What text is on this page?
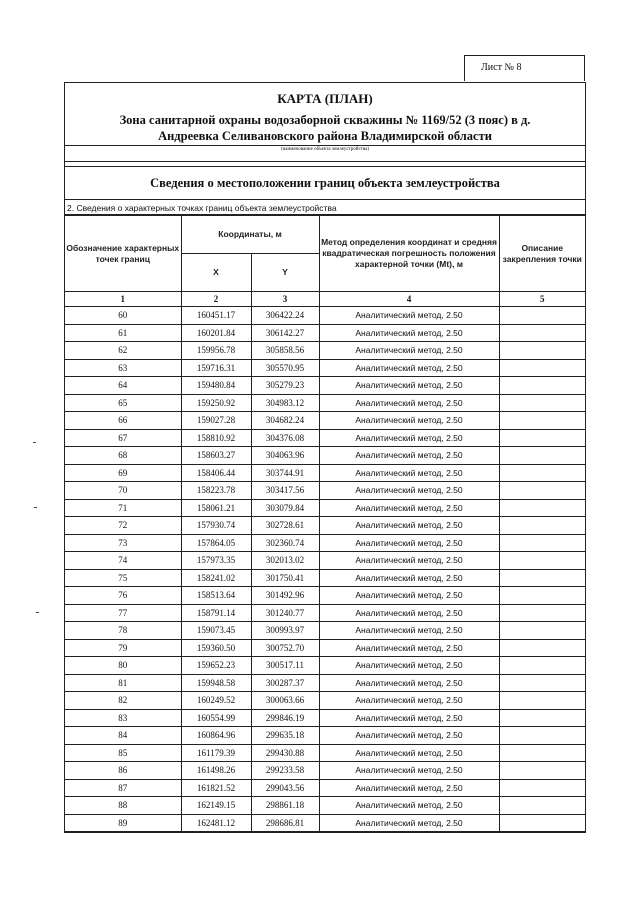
Лист № 8
КАРТА (ПЛАН)
Зона санитарной охраны водозаборной скважины № 1169/52 (3 пояс) в д.
Андреевка Селивановского района Владимирской области
(наименование объекта землеустройства)
Сведения о местоположении границ объекта землеустройства
2. Сведения о характерных точках границ объекта землеустройства
Обозначение характерных точек границ	Координаты, м		Метод определения координат и средняя квадратическая погрешность положения характерной точки (Mt), м	Описание закрепления точки
	X	Y		
1	2	3	4	5
60	160451.17	306422.24	Аналитический метод, 2.50	
61	160201.84	306142.27	Аналитический метод, 2.50	
62	159956.78	305858.56	Аналитический метод, 2.50	
63	159716.31	305570.95	Аналитический метод, 2.50	
64	159480.84	305279.23	Аналитический метод, 2.50	
65	159250.92	304983.12	Аналитический метод, 2.50	
66	159027.28	304682.24	Аналитический метод, 2.50	
67	158810.92	304376.08	Аналитический метод, 2.50	
68	158603.27	304063.96	Аналитический метод, 2.50	
69	158406.44	303744.91	Аналитический метод, 2.50	
70	158223.78	303417.56	Аналитический метод, 2.50	
71	158061.21	303079.84	Аналитический метод, 2.50	
72	157930.74	302728.61	Аналитический метод, 2.50	
73	157864.05	302360.74	Аналитический метод, 2.50	
74	157973.35	302013.02	Аналитический метод, 2.50	
75	158241.02	301750.41	Аналитический метод, 2.50	
76	158513.64	301492.96	Аналитический метод, 2.50	
77	158791.14	301240.77	Аналитический метод, 2.50	
78	159073.45	300993.97	Аналитический метод, 2.50	
79	159360.50	300752.70	Аналитический метод, 2.50	
80	159652.23	300517.11	Аналитический метод, 2.50	
81	159948.58	300287.37	Аналитический метод, 2.50	
82	160249.52	300063.66	Аналитический метод, 2.50	
83	160554.99	299846.19	Аналитический метод, 2.50	
84	160864.96	299635.18	Аналитический метод, 2.50	
85	161179.39	299430.88	Аналитический метод, 2.50	
86	161498.26	299233.58	Аналитический метод, 2.50	
87	161821.52	299043.56	Аналитический метод, 2.50	
88	162149.15	298861.18	Аналитический метод, 2.50	
89	162481.12	298686.81	Аналитический метод, 2.50	
